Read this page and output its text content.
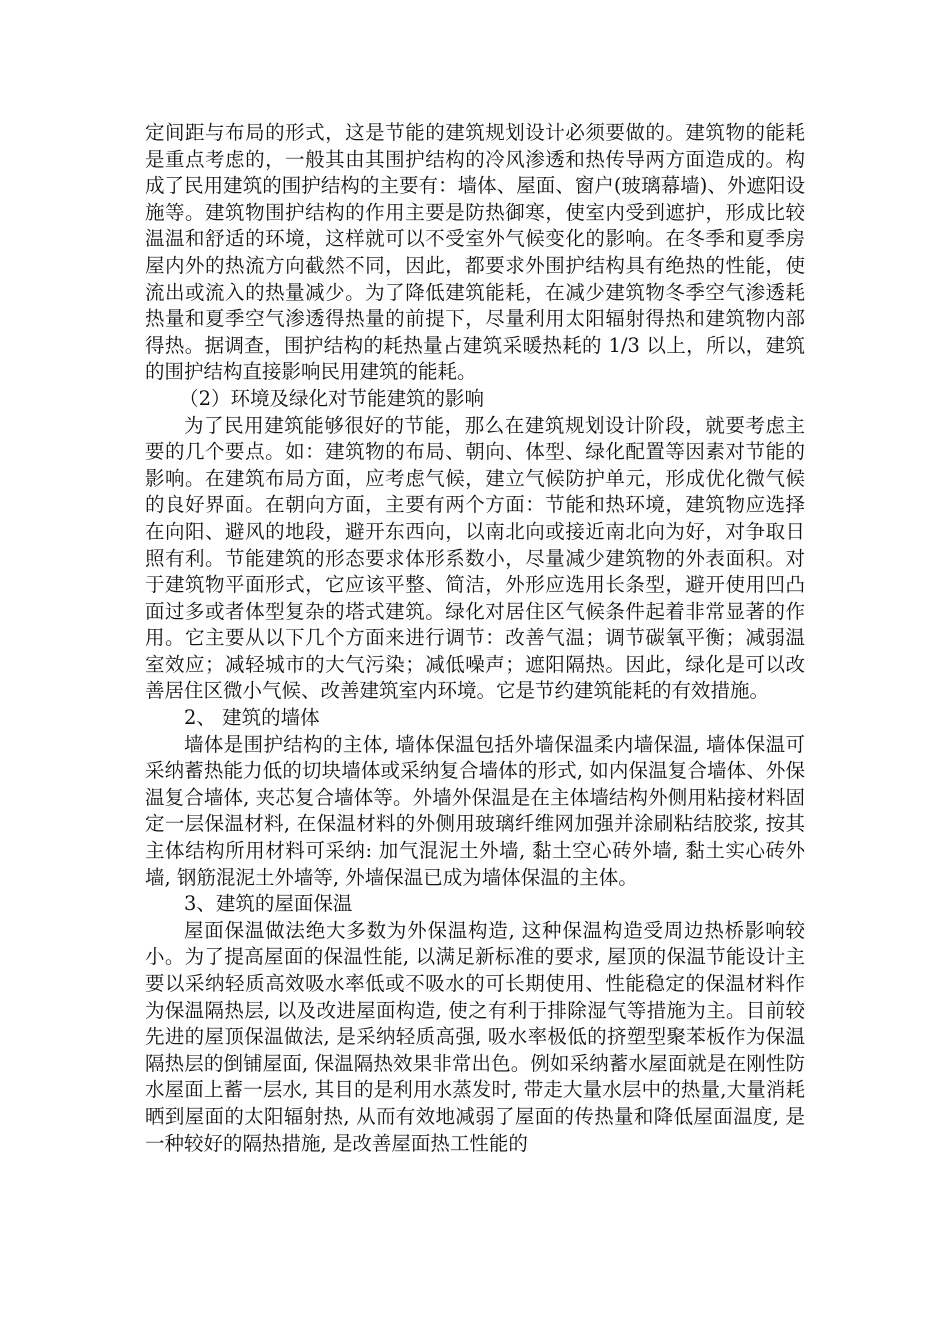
定间距与布局的形式，这是节能的建筑规划设计必须要做的。建筑物的能耗是重点考虑的，一般其由其围护结构的冷风渗透和热传导两方面造成的。构成了民用建筑的围护结构的主要有：墙体、屋面、窗户(玻璃幕墙)、外遮阳设施等。建筑物围护结构的作用主要是防热御寒，使室内受到遮护，形成比较温温和舒适的环境，这样就可以不受室外气候变化的影响。在冬季和夏季房屋内外的热流方向截然不同，因此，都要求外围护结构具有绝热的性能，使流出或流入的热量减少。为了降低建筑能耗，在减少建筑物冬季空气渗透耗热量和夏季空气渗透得热量的前提下，尽量利用太阳辐射得热和建筑物内部得热。据调查，围护结构的耗热量占建筑采暖热耗的 1/3 以上，所以，建筑的围护结构直接影响民用建筑的能耗。

（2）环境及绿化对节能建筑的影响

为了民用建筑能够很好的节能，那么在建筑规划设计阶段，就要考虑主要的几个要点。如：建筑物的布局、朝向、体型、绿化配置等因素对节能的影响。在建筑布局方面，应考虑气候，建立气候防护单元，形成优化微气候的良好界面。在朝向方面，主要有两个方面：节能和热环境，建筑物应选择在向阳、避风的地段，避开东西向，以南北向或接近南北向为好，对争取日照有利。节能建筑的形态要求体形系数小，尽量减少建筑物的外表面积。对于建筑物平面形式，它应该平整、简洁，外形应选用长条型，避开使用凹凸面过多或者体型复杂的塔式建筑。绿化对居住区气候条件起着非常显著的作用。它主要从以下几个方面来进行调节：改善气温；调节碳氧平衡；减弱温室效应；减轻城市的大气污染；减低噪声；遮阳隔热。因此，绿化是可以改善居住区微小气候、改善建筑室内环境。它是节约建筑能耗的有效措施。

2、 建筑的墙体

墙体是围护结构的主体, 墙体保温包括外墙保温柔内墙保温, 墙体保温可采纳蓄热能力低的切块墙体或采纳复合墙体的形式, 如内保温复合墙体、外保温复合墙体, 夹芯复合墙体等。外墙外保温是在主体墙结构外侧用粘接材料固定一层保温材料, 在保温材料的外侧用玻璃纤维网加强并涂刷粘结胶浆, 按其主体结构所用材料可采纳: 加气混泥土外墙, 黏土空心砖外墙, 黏土实心砖外墙, 钢筋混泥土外墙等, 外墙保温已成为墙体保温的主体。

3、建筑的屋面保温

屋面保温做法绝大多数为外保温构造, 这种保温构造受周边热桥影响较小。为了提高屋面的保温性能, 以满足新标准的要求, 屋顶的保温节能设计主要以采纳轻质高效吸水率低或不吸水的可长期使用、性能稳定的保温材料作为保温隔热层, 以及改进屋面构造, 使之有利于排除湿气等措施为主。目前较先进的屋顶保温做法, 是采纳轻质高强, 吸水率极低的挤塑型聚苯板作为保温隔热层的倒铺屋面, 保温隔热效果非常出色。例如采纳蓄水屋面就是在刚性防水屋面上蓄一层水, 其目的是利用水蒸发时, 带走大量水层中的热量,大量消耗晒到屋面的太阳辐射热, 从而有效地减弱了屋面的传热量和降低屋面温度, 是一种较好的隔热措施, 是改善屋面热工性能的
